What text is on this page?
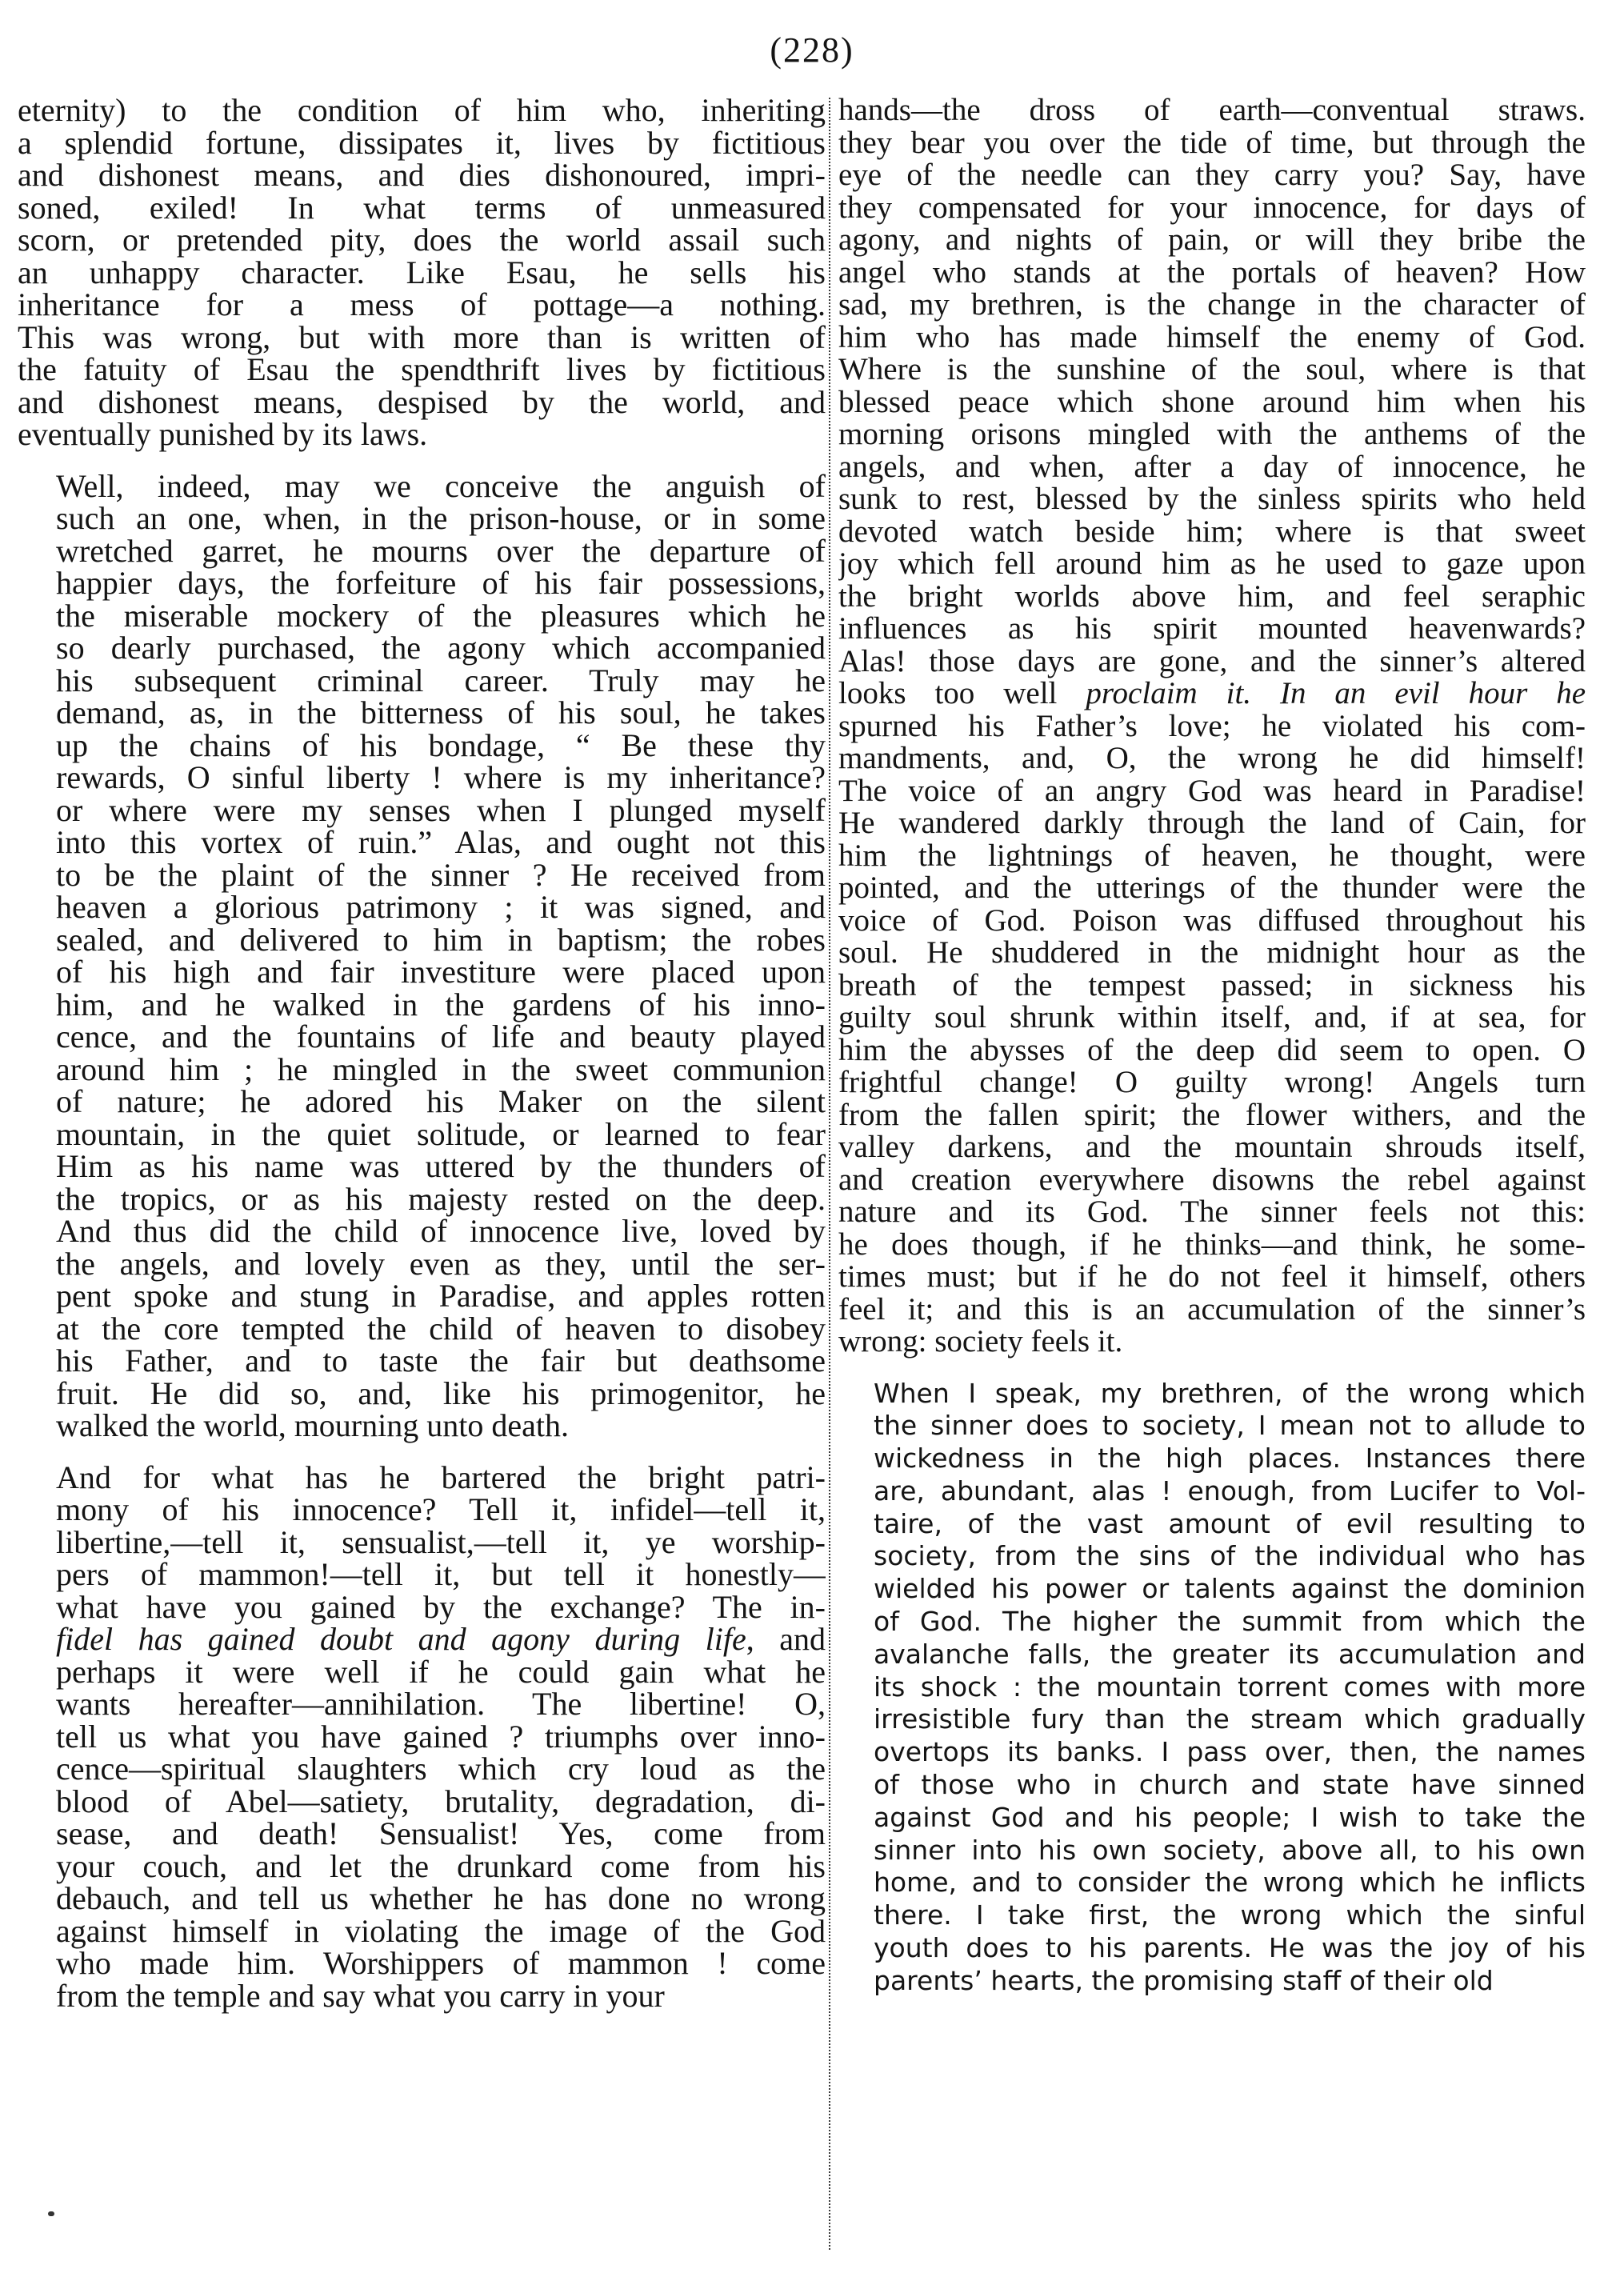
(228)
eternity) to the condition of him who, inheriting
a splendid fortune, dissipates it, lives by fictitious
and dishonest means, and dies dishonoured, impri-
soned, exiled! In what terms of unmeasured
scorn, or pretended pity, does the world assail such
an unhappy character. Like Esau, he sells his
inheritance for a mess of pottage—a nothing.
This was wrong, but with more than is written of
the fatuity of Esau the spendthrift lives by fictitious
and dishonest means, despised by the world, and
eventually punished by its laws.
Well, indeed, may we conceive the anguish of
such an one, when, in the prison-house, or in some
wretched garret, he mourns over the departure of
happier days, the forfeiture of his fair possessions,
the miserable mockery of the pleasures which he
so dearly purchased, the agony which accompanied
his subsequent criminal career. Truly may he
demand, as, in the bitterness of his soul, he takes
up the chains of his bondage, “ Be these thy
rewards, O sinful liberty ! where is my inheritance?
or where were my senses when I plunged myself
into this vortex of ruin.” Alas, and ought not this
to be the plaint of the sinner ? He received from
heaven a glorious patrimony ; it was signed, and
sealed, and delivered to him in baptism; the robes
of his high and fair investiture were placed upon
him, and he walked in the gardens of his inno-
cence, and the fountains of life and beauty played
around him ; he mingled in the sweet communion
of nature; he adored his Maker on the silent
mountain, in the quiet solitude, or learned to fear
Him as his name was uttered by the thunders of
the tropics, or as his majesty rested on the deep.
And thus did the child of innocence live, loved by
the angels, and lovely even as they, until the ser-
pent spoke and stung in Paradise, and apples rotten
at the core tempted the child of heaven to disobey
his Father, and to taste the fair but deathsome
fruit. He did so, and, like his primogenitor, he
walked the world, mourning unto death.
And for what has he bartered the bright patri-
mony of his innocence? Tell it, infidel—tell it,
libertine,—tell it, sensualist,—tell it, ye worship-
pers of mammon!—tell it, but tell it honestly—
what have you gained by the exchange? The in-
fidel has gained doubt and agony during life, and
perhaps it were well if he could gain what he
wants hereafter—annihilation. The libertine! O,
tell us what you have gained ? triumphs over inno-
cence—spiritual slaughters which cry loud as the
blood of Abel—satiety, brutality, degradation, di-
sease, and death! Sensualist! Yes, come from
your couch, and let the drunkard come from his
debauch, and tell us whether he has done no wrong
against himself in violating the image of the God
who made him. Worshippers of mammon ! come
from the temple and say what you carry in your
hands—the dross of earth—conventual straws.
they bear you over the tide of time, but through the
eye of the needle can they carry you? Say, have
they compensated for your innocence, for days of
agony, and nights of pain, or will they bribe the
angel who stands at the portals of heaven? How
sad, my brethren, is the change in the character of
him who has made himself the enemy of God.
Where is the sunshine of the soul, where is that
blessed peace which shone around him when his
morning orisons mingled with the anthems of the
angels, and when, after a day of innocence, he
sunk to rest, blessed by the sinless spirits who held
devoted watch beside him; where is that sweet
joy which fell around him as he used to gaze upon
the bright worlds above him, and feel seraphic
influences as his spirit mounted heavenwards?
Alas! those days are gone, and the sinner’s altered
looks too well proclaim it. In an evil hour he
spurned his Father’s love; he violated his com-
mandments, and, O, the wrong he did himself!
The voice of an angry God was heard in Paradise!
He wandered darkly through the land of Cain, for
him the lightnings of heaven, he thought, were
pointed, and the utterings of the thunder were the
voice of God. Poison was diffused throughout his
soul. He shuddered in the midnight hour as the
breath of the tempest passed; in sickness his
guilty soul shrunk within itself, and, if at sea, for
him the abysses of the deep did seem to open. O
frightful change! O guilty wrong! Angels turn
from the fallen spirit; the flower withers, and the
valley darkens, and the mountain shrouds itself,
and creation everywhere disowns the rebel against
nature and its God. The sinner feels not this:
he does though, if he thinks—and think, he some-
times must; but if he do not feel it himself, others
feel it; and this is an accumulation of the sinner’s
wrong: society feels it.
When I speak, my brethren, of the wrong which
the sinner does to society, I mean not to allude to
wickedness in the high places. Instances there
are, abundant, alas ! enough, from Lucifer to Vol-
taire, of the vast amount of evil resulting to
society, from the sins of the individual who has
wielded his power or talents against the dominion
of God. The higher the summit from which the
avalanche falls, the greater its accumulation and
its shock : the mountain torrent comes with more
irresistible fury than the stream which gradually
overtops its banks. I pass over, then, the names
of those who in church and state have sinned
against God and his people; I wish to take the
sinner into his own society, above all, to his own
home, and to consider the wrong which he inflicts
there. I take first, the wrong which the sinful
youth does to his parents. He was the joy of his
parents’ hearts, the promising staff of their old
